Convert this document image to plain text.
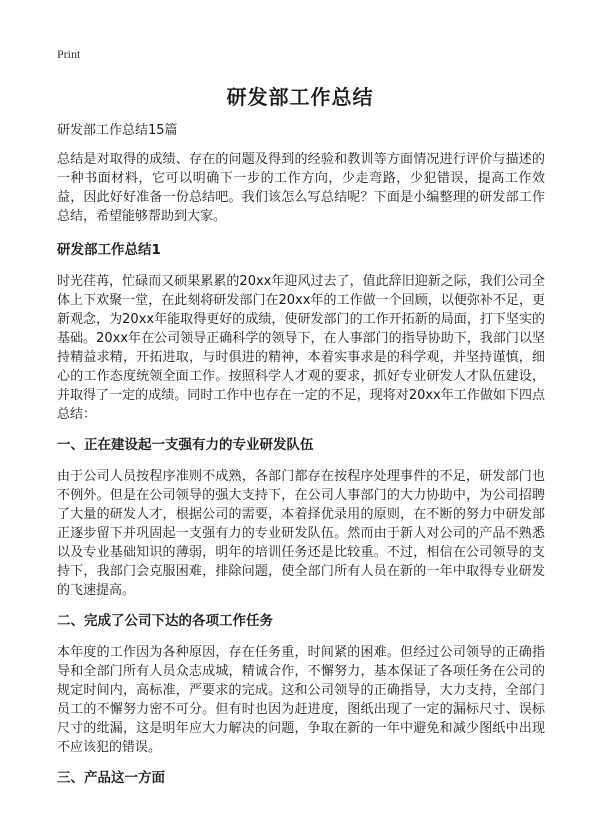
Print
研发部工作总结

研发部工作总结15篇

总结是对取得的成绩、存在的问题及得到的经验和教训等方面情况进行评价与描述的一种书面材料，它可以明确下一步的工作方向，少走弯路，少犯错误，提高工作效益，因此好好准备一份总结吧。我们该怎么写总结呢？下面是小编整理的研发部工作总结，希望能够帮助到大家。

研发部工作总结1

时光荏苒，忙碌而又硕果累累的20xx年迎风过去了，值此辞旧迎新之际，我们公司全体上下欢聚一堂，在此刻将研发部门在20xx年的工作做一个回顾，以便弥补不足，更新观念，为20xx年能取得更好的成绩，使研发部门的工作开拓新的局面，打下坚实的基础。20xx年在公司领导正确科学的领导下，在人事部门的指导协助下，我部门以坚持精益求精，开拓进取，与时俱进的精神，本着实事求是的科学观，并坚持谨慎，细心的工作态度统领全面工作。按照科学人才观的要求，抓好专业研发人才队伍建设，并取得了一定的成绩。同时工作中也存在一定的不足，现将对20xx年工作做如下四点总结：

一、正在建设起一支强有力的专业研发队伍

由于公司人员按程序准则不成熟，各部门都存在按程序处理事件的不足，研发部门也不例外。但是在公司领导的强大支持下，在公司人事部门的大力协助中，为公司招聘了大量的研发人才，根据公司的需要，本着择优录用的原则，在不断的努力中研发部正逐步留下并巩固起一支强有力的专业研发队伍。然而由于新人对公司的产品不熟悉以及专业基础知识的薄弱，明年的培训任务还是比较重。不过，相信在公司领导的支持下，我部门会克服困难，排除问题，使全部门所有人员在新的一年中取得专业研发的飞速提高。

二、完成了公司下达的各项工作任务

本年度的工作因为各种原因，存在任务重，时间紧的困难。但经过公司领导的正确指导和全部门所有人员众志成城，精诚合作，不懈努力，基本保证了各项任务在公司的规定时间内，高标准，严要求的完成。这和公司领导的正确指导，大力支持，全部门员工的不懈努力密不可分。但有时也因为赶进度，图纸出现了一定的漏标尺寸、误标尺寸的纰漏，这是明年应大力解决的问题，争取在新的一年中避免和减少图纸中出现不应该犯的错误。

三、产品这一方面
